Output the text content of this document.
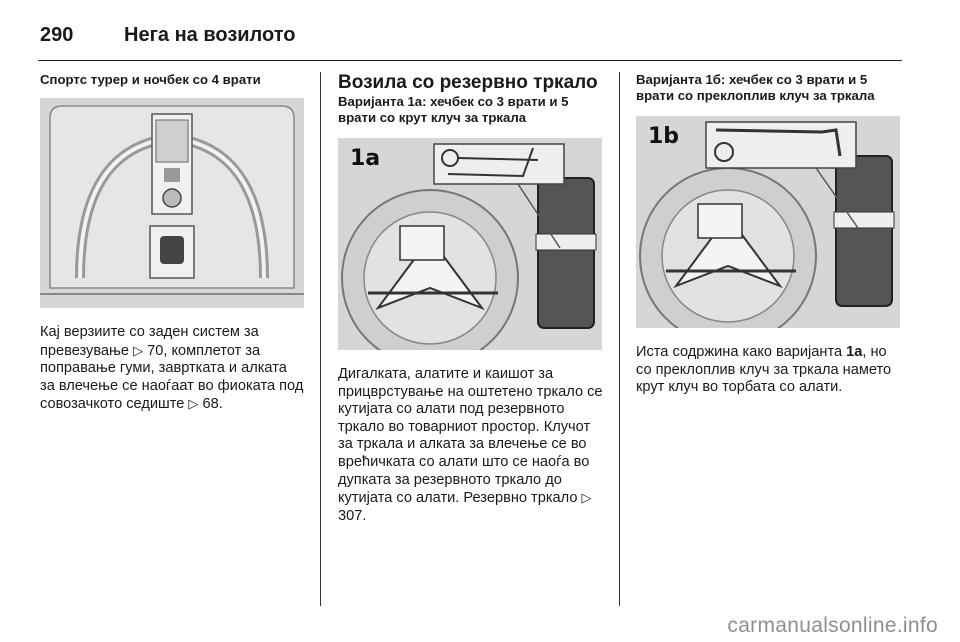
290	Нега на возилото

Спортс турер и ночбек со 4 врати

Кај верзиите со заден систем за превезување ▷ 70, комплетот за поправање гуми, завртката и алката за влечење се наоѓаат во фиоката под совозачкото седиште ▷ 68.

Возила со резервно тркало

Варијанта 1a: хечбек со 3 врати и 5 врати со крут клуч за тркала

1a

Дигалката, алатите и каишот за прицврстување на оштетено тркало се кутијата со алати под резервното тркало во товарниот простор. Клучот за тркала и алката за влечење се во врећичката со алати што се наоѓа во дупката за резервното тркало до кутијата со алати. Резервно тркало ▷ 307.

Варијанта 1б: хечбек со 3 врати и 5 врати со преклоплив клуч за тркала

1b

Иста содржина како варијанта 1a, но со преклоплив клуч за тркала намето крут клуч во торбата со алати.

carmanualsonline.info
